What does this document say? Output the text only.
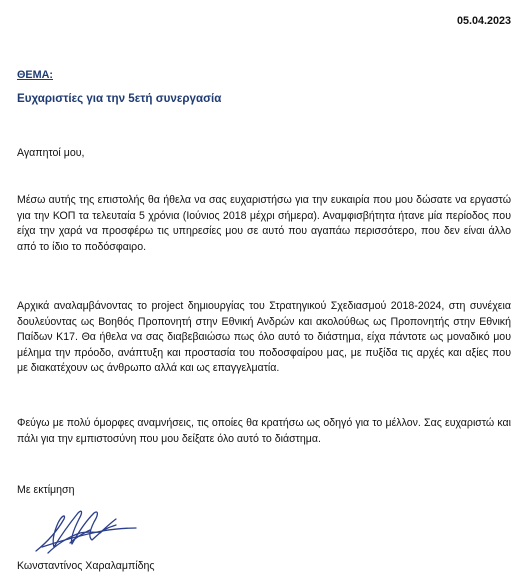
05.04.2023
ΘΕΜΑ:
Ευχαριστίες για την 5ετή συνεργασία
Αγαπητοί μου,
Μέσω αυτής της επιστολής θα ήθελα να σας ευχαριστήσω για την ευκαιρία που μου δώσατε να εργαστώ για την ΚΟΠ τα τελευταία 5 χρόνια (Ιούνιος 2018 μέχρι σήμερα). Αναμφισβήτητα ήτανε μία περίοδος που είχα την χαρά να προσφέρω τις υπηρεσίες μου σε αυτό που αγαπάω περισσότερο, που δεν είναι άλλο από το ίδιο το ποδόσφαιρο.
Αρχικά αναλαμβάνοντας το project δημιουργίας του Στρατηγικού Σχεδιασμού 2018-2024, στη συνέχεια δουλεύοντας ως Βοηθός Προπονητή στην Εθνική Ανδρών και ακολούθως ως Προπονητής στην Εθνική Παίδων Κ17. Θα ήθελα να σας διαβεβαιώσω πως όλο αυτό το διάστημα, είχα πάντοτε ως μοναδικό μου μέλημα την πρόοδο, ανάπτυξη και προστασία του ποδοσφαίρου μας, με πυξίδα τις αρχές και αξίες που με διακατέχουν ως άνθρωπο αλλά και ως επαγγελματία.
Φεύγω με πολύ όμορφες αναμνήσεις, τις οποίες θα κρατήσω ως οδηγό για το μέλλον. Σας ευχαριστώ και πάλι για την εμπιστοσύνη που μου δείξατε όλο αυτό το διάστημα.
Με εκτίμηση
Κωνσταντίνος Χαραλαμπίδης
